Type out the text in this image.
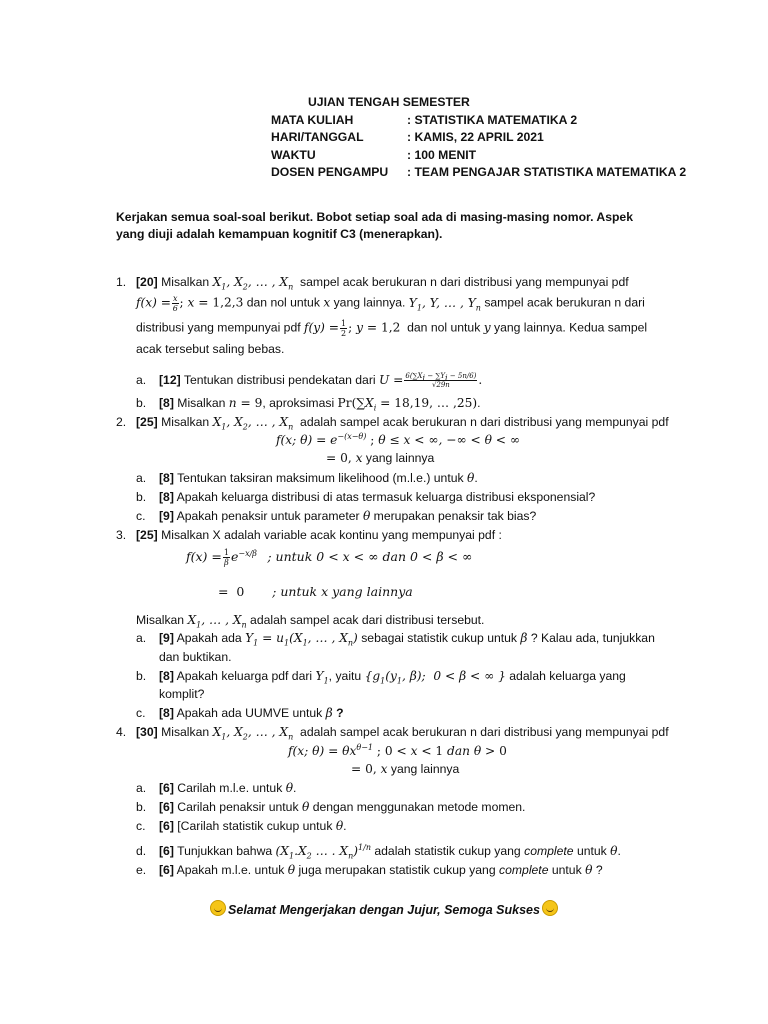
UJIAN TENGAH SEMESTER
MATA KULIAH	: STATISTIKA MATEMATIKA 2
HARI/TANGGAL	: KAMIS, 22 APRIL 2021
WAKTU	: 100 MENIT
DOSEN PENGAMPU	: TEAM PENGAJAR STATISTIKA MATEMATIKA 2
Kerjakan semua soal-soal berikut. Bobot setiap soal ada di masing-masing nomor. Aspek yang diuji adalah kemampuan kognitif C3 (menerapkan).
1. [20] Misalkan $X_1$, $X_2$, … , $X_n$ sampel acak berukuran n dari distribusi yang mempunyai pdf
$f(x) = \frac{x}{6}$ ; x = 1,2,3 dan nol untuk x yang lainnya. $Y_1$, Y, … , $Y_n$ sampel acak berukuran n dari
distribusi yang mempunyai pdf $f(y) = \frac{1}{2}$ ; y = 1,2 dan nol untuk y yang lainnya. Kedua sampel
acak tersebut saling bebas.
a. [12] Tentukan distribusi pendekatan dari $U = \frac{6(\sum X_i - \sum Y_i - 5n/6)}{√29n}$ .
b. [8] Misalkan n = 9, aproksimasi $Pr(\sum X_i = 18,19$, … ,25).
2. [25] Misalkan $X_1$, $X_2$, … , $X_n$ adalah sampel acak berukuran n dari distribusi yang mempunyai pdf
f(x; $\theta) = e^{-(x-\theta)}$ ; θ ≤ x < ∞, −∞ < θ < ∞
= 0, x yang lainnya
a. [8] Tentukan taksiran maksimum likelihood (m.l.e.) untuk θ.
b. [8] Apakah keluarga distribusi di atas termasuk keluarga distribusi eksponensial?
c. [9] Apakah penaksir untuk parameter θ merupakan penaksir tak bias?
3. [25] Misalkan X adalah variable acak kontinu yang mempunyai pdf :
$f(x) = \frac{1}{\beta} e^{-x/\beta}$ ; untuk 0 < x < ∞ dan 0 < β < ∞
=  0 ; untuk x yang lainnya
Misalkan $X_1$, … , $X_n$ adalah sampel acak dari distribusi tersebut.
a. [9] Apakah ada $Y_1 = u_1(X_1$, … , $X_n$) sebagai statistik cukup untuk β ? Kalau ada, tunjukkan
dan buktikan.
b. [8] Apakah keluarga pdf dari $Y_1$, yaitu {$g_1(y_1$, β);  0 < β < ∞ } adalah keluarga yang
komplit?
c. [8] Apakah ada UUMVE untuk β ?
4. [30] Misalkan $X_1$, $X_2$, … , $X_n$ adalah sampel acak berukuran n dari distribusi yang mempunyai pdf
f(x; $\theta) = \theta x^{\theta-1}$ ; 0 < x < 1 dan θ > 0
= 0, x yang lainnya
a. [6] Carilah m.l.e. untuk θ.
b. [6] Carilah penaksir untuk θ dengan menggunakan metode momen.
c. [6] [Carilah statistik cukup untuk θ.
d. [6] Tunjukkan bahwa ($X_1.X_2$ … . $X_n)^{1/n}$ adalah statistik cukup yang complete untuk θ.
e. [6] Apakah m.l.e. untuk θ juga merupakan statistik cukup yang complete untuk θ ?
Selamat Mengerjakan dengan Jujur, Semoga Sukses
